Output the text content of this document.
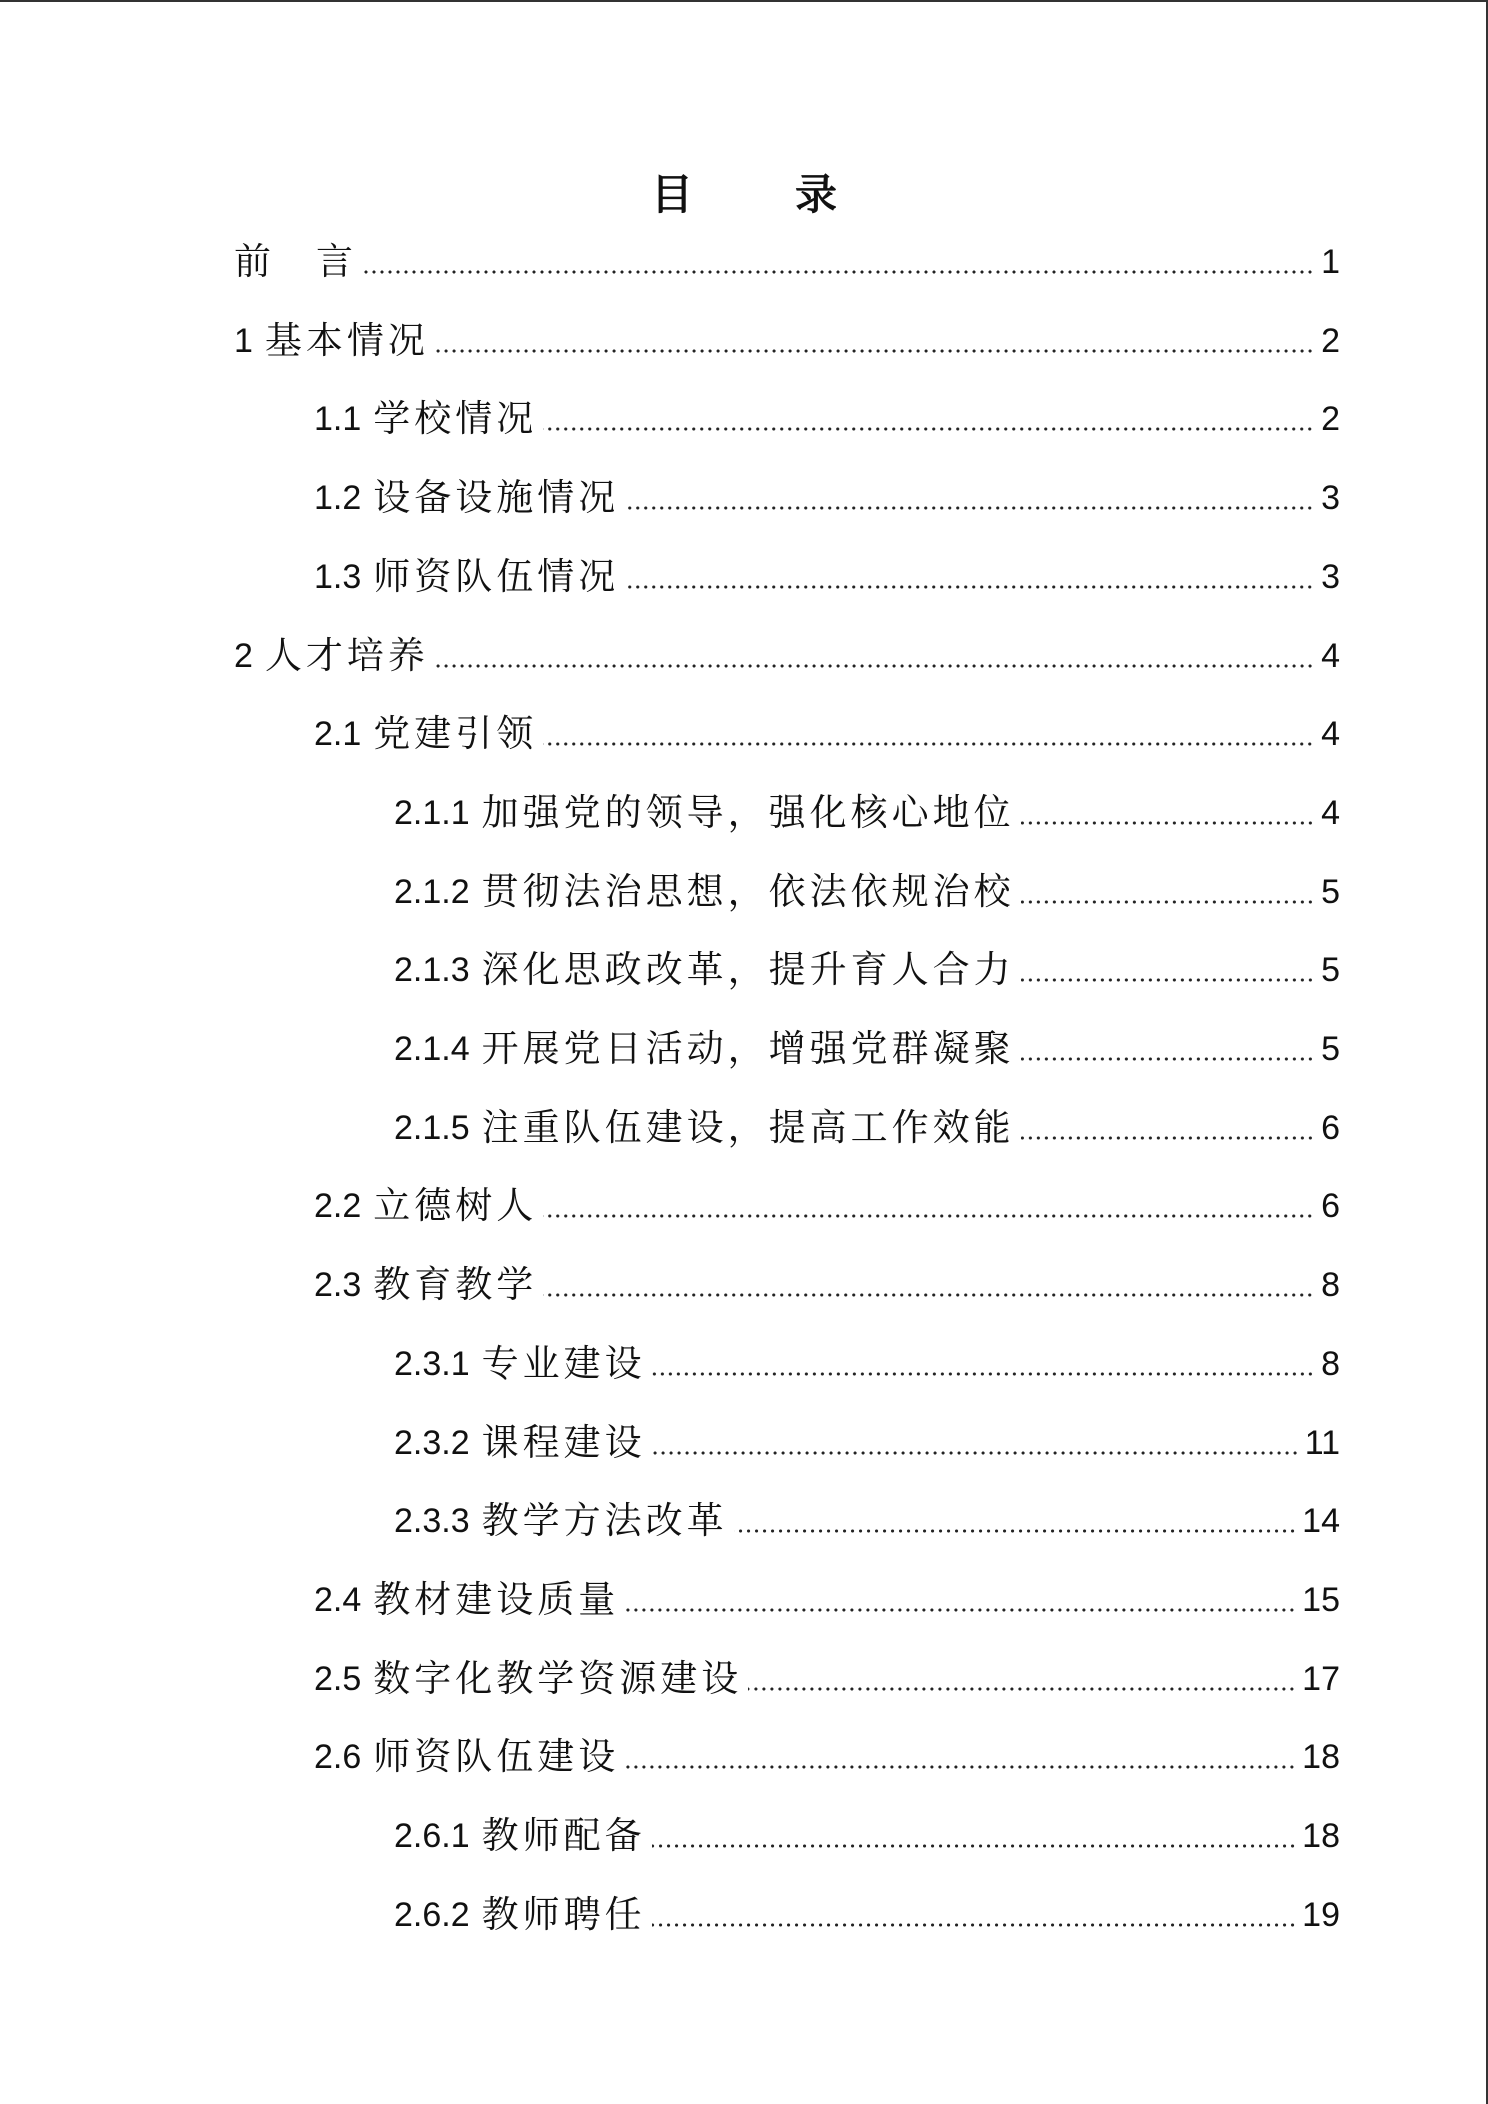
目　录
前　言	1
1 基本情况	2
1.1 学校情况	2
1.2 设备设施情况	3
1.3 师资队伍情况	3
2 人才培养	4
2.1 党建引领	4
2.1.1 加强党的领导，强化核心地位	4
2.1.2 贯彻法治思想，依法依规治校	5
2.1.3 深化思政改革，提升育人合力	5
2.1.4 开展党日活动，增强党群凝聚	5
2.1.5 注重队伍建设，提高工作效能	6
2.2 立德树人	6
2.3 教育教学	8
2.3.1 专业建设	8
2.3.2 课程建设	11
2.3.3 教学方法改革	14
2.4 教材建设质量	15
2.5 数字化教学资源建设	17
2.6 师资队伍建设	18
2.6.1 教师配备	18
2.6.2 教师聘任	19
